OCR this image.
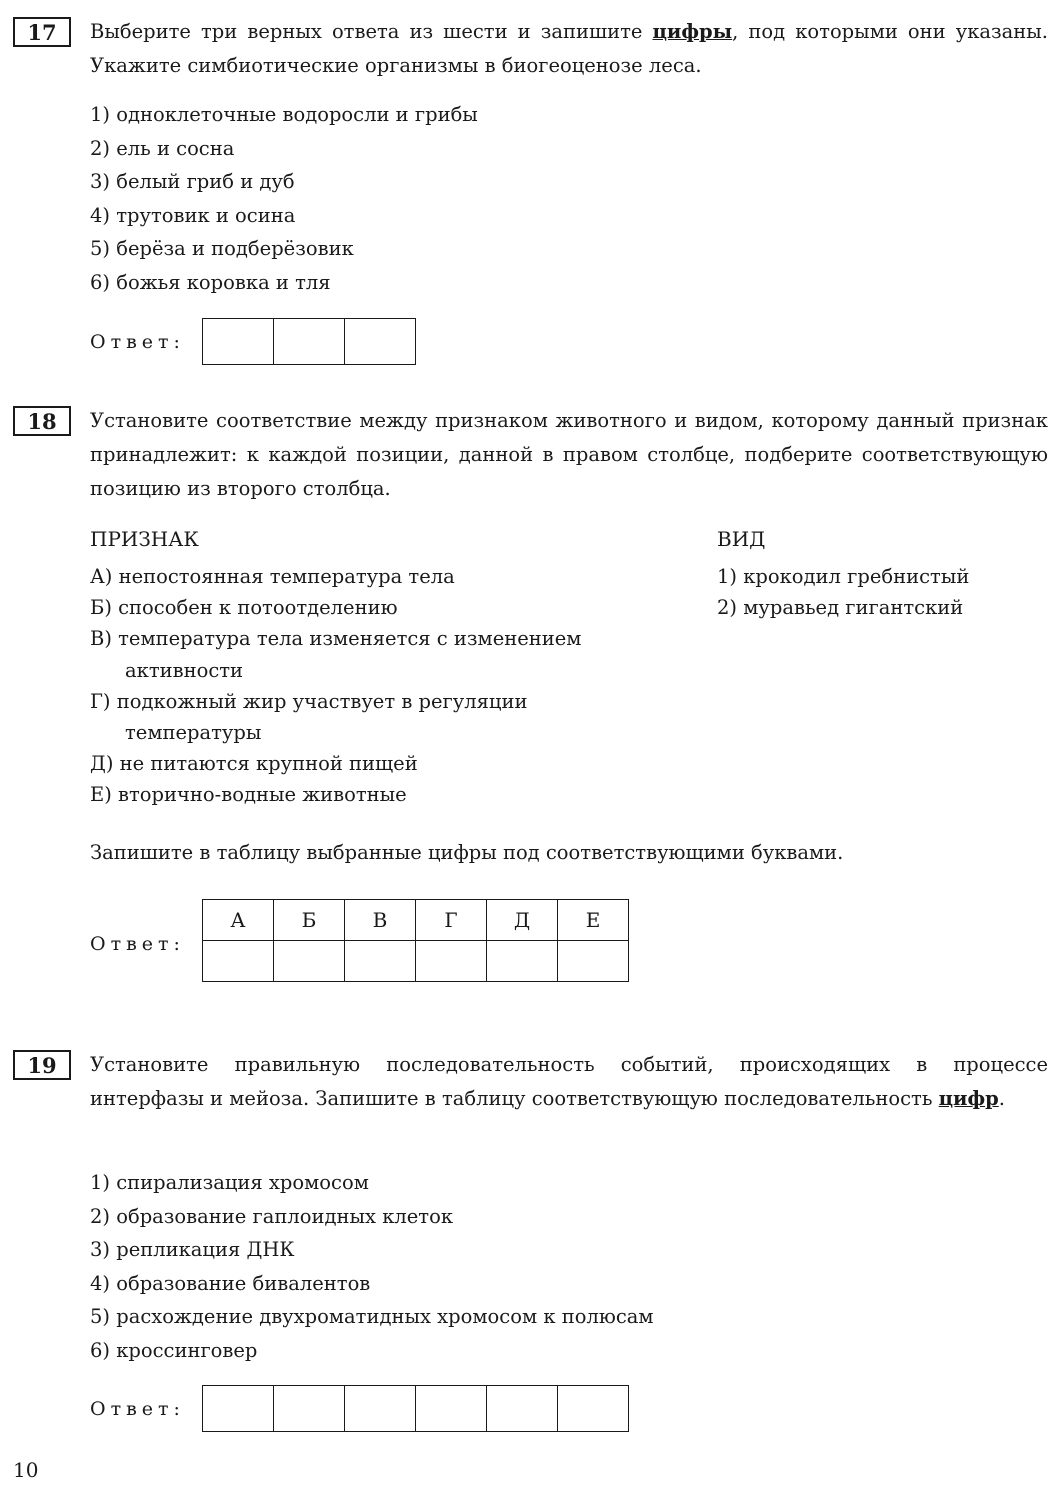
17	Выберите три верных ответа из шести и запишите цифры, под которыми они указаны. Укажите симбиотические организмы в биогеоценозе леса.

1) одноклеточные водоросли и грибы
2) ель и сосна
3) белый гриб и дуб
4) трутовик и осина
5) берёза и подберёзовик
6) божья коровка и тля
Ответ:

18	Установите соответствие между признаком животного и видом, которому данный признак принадлежит: к каждой позиции, данной в правом столбце, подберите соответствующую позицию из второго столбца.

ПРИЗНАК	ВИД
А) непостоянная температура тела
Б) способен к потоотделению
В) температура тела изменяется с изменением активности
Г) подкожный жир участвует в регуляции температуры
Д) не питаются крупной пищей
Е) вторично-водные животные
1) крокодил гребнистый
2) муравьед гигантский

Запишите в таблицу выбранные цифры под соответствующими буквами.

Ответ:
А	Б	В	Г	Д	Е

19	Установите правильную последовательность событий, происходящих в процессе интерфазы и мейоза. Запишите в таблицу соответствующую последовательность цифр.

1) спирализация хромосом
2) образование гаплоидных клеток
3) репликация ДНК
4) образование бивалентов
5) расхождение двухроматидных хромосом к полюсам
6) кроссинговер
Ответ:

10
